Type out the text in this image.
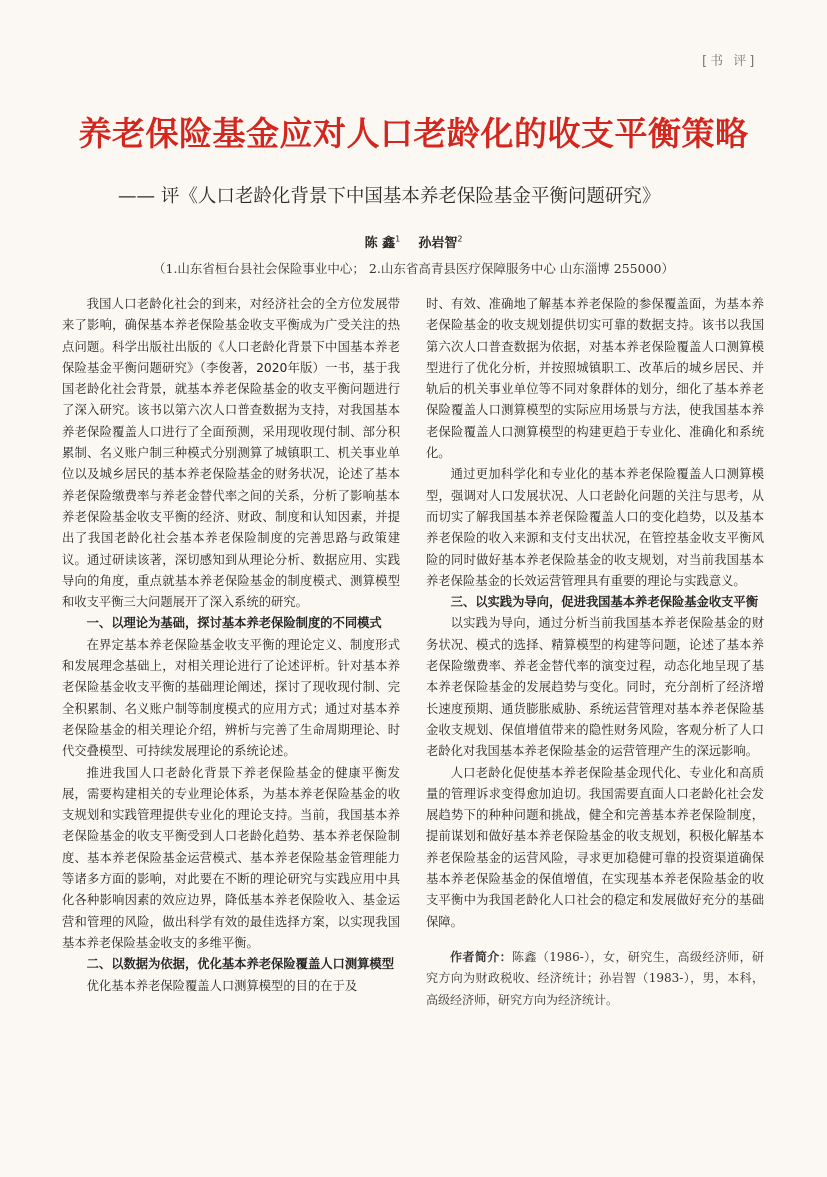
[书 评]
养老保险基金应对人口老龄化的收支平衡策略
—— 评《人口老龄化背景下中国基本养老保险基金平衡问题研究》
陈 鑫$^1$ 孙岩智$^2$
（1.山东省桓台县社会保险事业中心； 2.山东省高青县医疗保障服务中心 山东淄博 255000）

我国人口老龄化社会的到来，对经济社会的全方位发展带来了影响，确保基本养老保险基金收支平衡成为广受关注的热点问题。科学出版社出版的《人口老龄化背景下中国基本养老保险基金平衡问题研究》（李俊著，2020年版）一书，基于我国老龄化社会背景，就基本养老保险基金的收支平衡问题进行了深入研究。该书以第六次人口普查数据为支持，对我国基本养老保险覆盖人口进行了全面预测，采用现收现付制、部分积累制、名义账户制三种模式分别测算了城镇职工、机关事业单位以及城乡居民的基本养老保险基金的财务状况，论述了基本养老保险缴费率与养老金替代率之间的关系，分析了影响基本养老保险基金收支平衡的经济、财政、制度和认知因素，并提出了我国老龄化社会基本养老保险制度的完善思路与政策建议。通过研读该著，深切感知到从理论分析、数据应用、实践导向的角度，重点就基本养老保险基金的制度模式、测算模型和收支平衡三大问题展开了深入系统的研究。

一、以理论为基础，探讨基本养老保险制度的不同模式

在界定基本养老保险基金收支平衡的理论定义、制度形式和发展理念基础上，对相关理论进行了论述评析。针对基本养老保险基金收支平衡的基础理论阐述，探讨了现收现付制、完全积累制、名义账户制等制度模式的应用方式；通过对基本养老保险基金的相关理论介绍，辨析与完善了生命周期理论、时代交叠模型、可持续发展理论的系统论述。

推进我国人口老龄化背景下养老保险基金的健康平衡发展，需要构建相关的专业理论体系，为基本养老保险基金的收支规划和实践管理提供专业化的理论支持。当前，我国基本养老保险基金的收支平衡受到人口老龄化趋势、基本养老保险制度、基本养老保险基金运营模式、基本养老保险基金管理能力等诸多方面的影响，对此要在不断的理论研究与实践应用中具化各种影响因素的效应边界，降低基本养老保险收入、基金运营和管理的风险，做出科学有效的最佳选择方案，以实现我国基本养老保险基金收支的多维平衡。

二、以数据为依据，优化基本养老保险覆盖人口测算模型

优化基本养老保险覆盖人口测算模型的目的在于及

时、有效、准确地了解基本养老保险的参保覆盖面，为基本养老保险基金的收支规划提供切实可靠的数据支持。该书以我国第六次人口普查数据为依据，对基本养老保险覆盖人口测算模型进行了优化分析，并按照城镇职工、改革后的城乡居民、并轨后的机关事业单位等不同对象群体的划分，细化了基本养老保险覆盖人口测算模型的实际应用场景与方法，使我国基本养老保险覆盖人口测算模型的构建更趋于专业化、准确化和系统化。

通过更加科学化和专业化的基本养老保险覆盖人口测算模型，强调对人口发展状况、人口老龄化问题的关注与思考，从而切实了解我国基本养老保险覆盖人口的变化趋势，以及基本养老保险的收入来源和支付支出状况，在管控基金收支平衡风险的同时做好基本养老保险基金的收支规划，对当前我国基本养老保险基金的长效运营管理具有重要的理论与实践意义。

三、以实践为导向，促进我国基本养老保险基金收支平衡

以实践为导向，通过分析当前我国基本养老保险基金的财务状况、模式的选择、精算模型的构建等问题，论述了基本养老保险缴费率、养老金替代率的演变过程，动态化地呈现了基本养老保险基金的发展趋势与变化。同时，充分剖析了经济增长速度预期、通货膨胀威胁、系统运营管理对基本养老保险基金收支规划、保值增值带来的隐性财务风险，客观分析了人口老龄化对我国基本养老保险基金的运营管理产生的深远影响。

人口老龄化促使基本养老保险基金现代化、专业化和高质量的管理诉求变得愈加迫切。我国需要直面人口老龄化社会发展趋势下的种种问题和挑战，健全和完善基本养老保险制度，提前谋划和做好基本养老保险基金的收支规划，积极化解基本养老保险基金的运营风险，寻求更加稳健可靠的投资渠道确保基本养老保险基金的保值增值，在实现基本养老保险基金的收支平衡中为我国老龄化人口社会的稳定和发展做好充分的基础保障。

作者简介：陈鑫（1986-），女，研究生，高级经济师，研究方向为财政税收、经济统计；孙岩智（1983-），男，本科，高级经济师，研究方向为经济统计。
